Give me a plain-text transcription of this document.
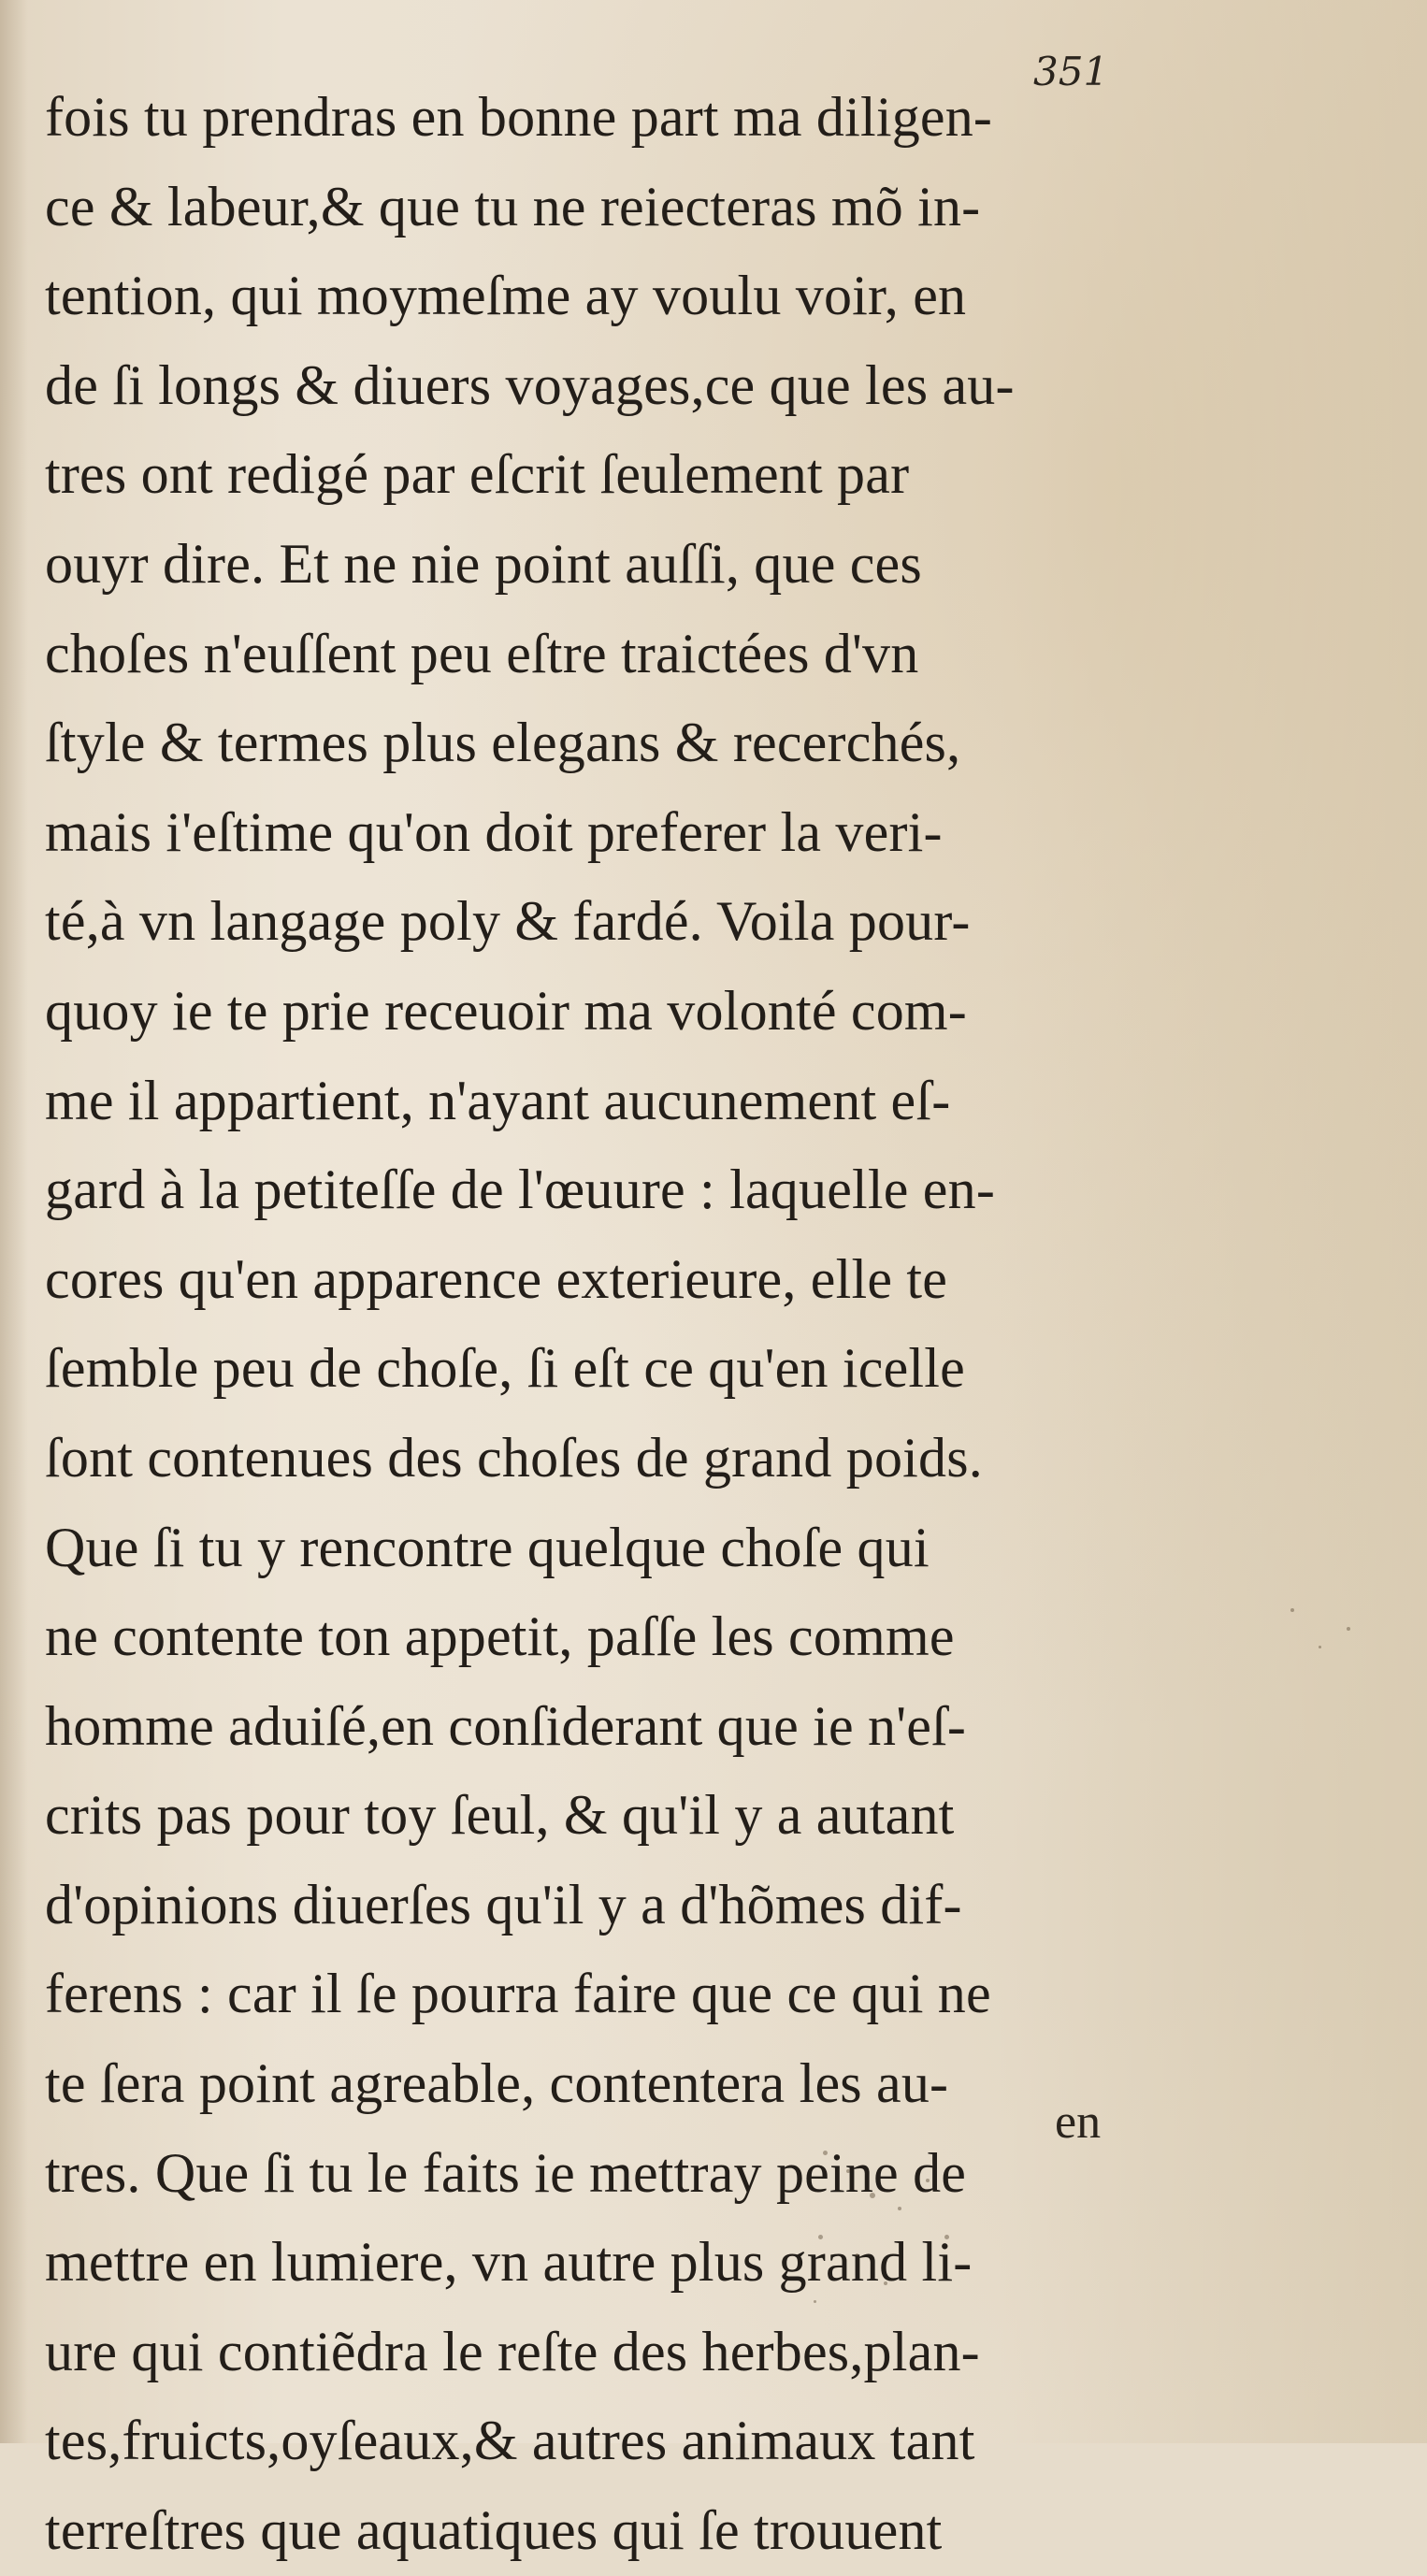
351
fois tu prendras en bonne part ma diligen-
ce & labeur,& que tu ne reiecteras mõ in-
tention, qui moymeſme ay voulu voir, en
de ſi longs & diuers voyages,ce que les au-
tres ont redigé par eſcrit ſeulement par
ouyr dire. Et ne nie point auſſi, que ces
choſes n'euſſent peu eſtre traictées d'vn
ſtyle & termes plus elegans & recerchés,
mais i'eſtime qu'on doit preferer la veri-
té,à vn langage poly & fardé. Voila pour-
quoy ie te prie receuoir ma volonté com-
me il appartient, n'ayant aucunement eſ-
gard à la petiteſſe de l'œuure : laquelle en-
cores qu'en apparence exterieure, elle te
ſemble peu de choſe, ſi eſt ce qu'en icelle
ſont contenues des choſes de grand poids.
Que ſi tu y rencontre quelque choſe qui
ne contente ton appetit, paſſe les comme
homme aduiſé,en conſiderant que ie n'eſ-
crits pas pour toy ſeul, & qu'il y a autant
d'opinions diuerſes qu'il y a d'hõmes dif-
ferens : car il ſe pourra faire que ce qui ne
te ſera point agreable, contentera les au-
tres. Que ſi tu le faits ie mettray peine de
mettre en lumiere, vn autre plus grand li-
ure qui contiẽdra le reſte des herbes,plan-
tes,fruicts,oyſeaux,& autres animaux tant
terreſtres que aquatiques qui ſe trouuent
en
